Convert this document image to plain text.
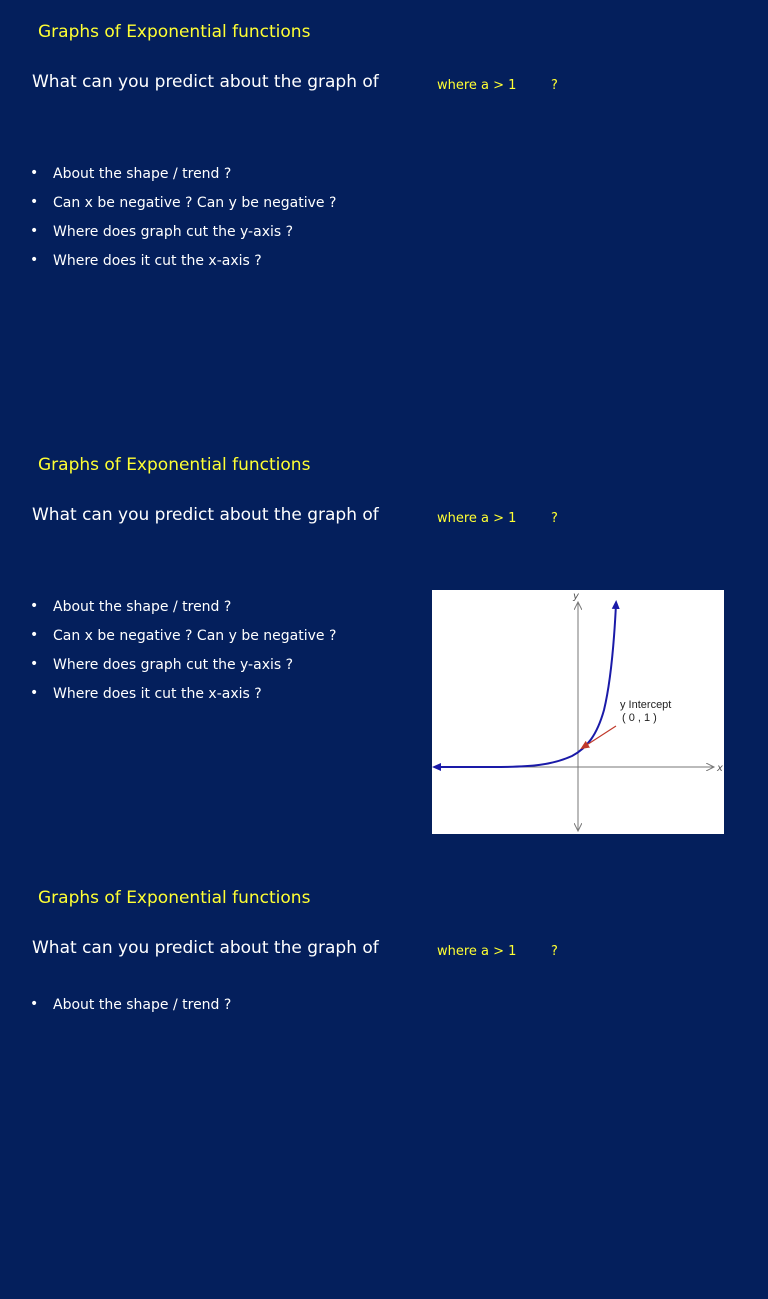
Graphs of Exponential functions
What can you predict about the graph of	where a > 1	?
• About the shape / trend ?
• Can x be negative ? Can y be negative ?
• Where does graph cut the y-axis ?
• Where does it cut the x-axis ?
Graphs of Exponential functions
What can you predict about the graph of	where a > 1	?
• About the shape / trend ?
• Can x be negative ? Can y be negative ?
• Where does graph cut the y-axis ?
• Where does it cut the x-axis ?
x
y
y Intercept
( 0 , 1 )
Graphs of Exponential functions
What can you predict about the graph of	where a > 1	?
• About the shape / trend ?
